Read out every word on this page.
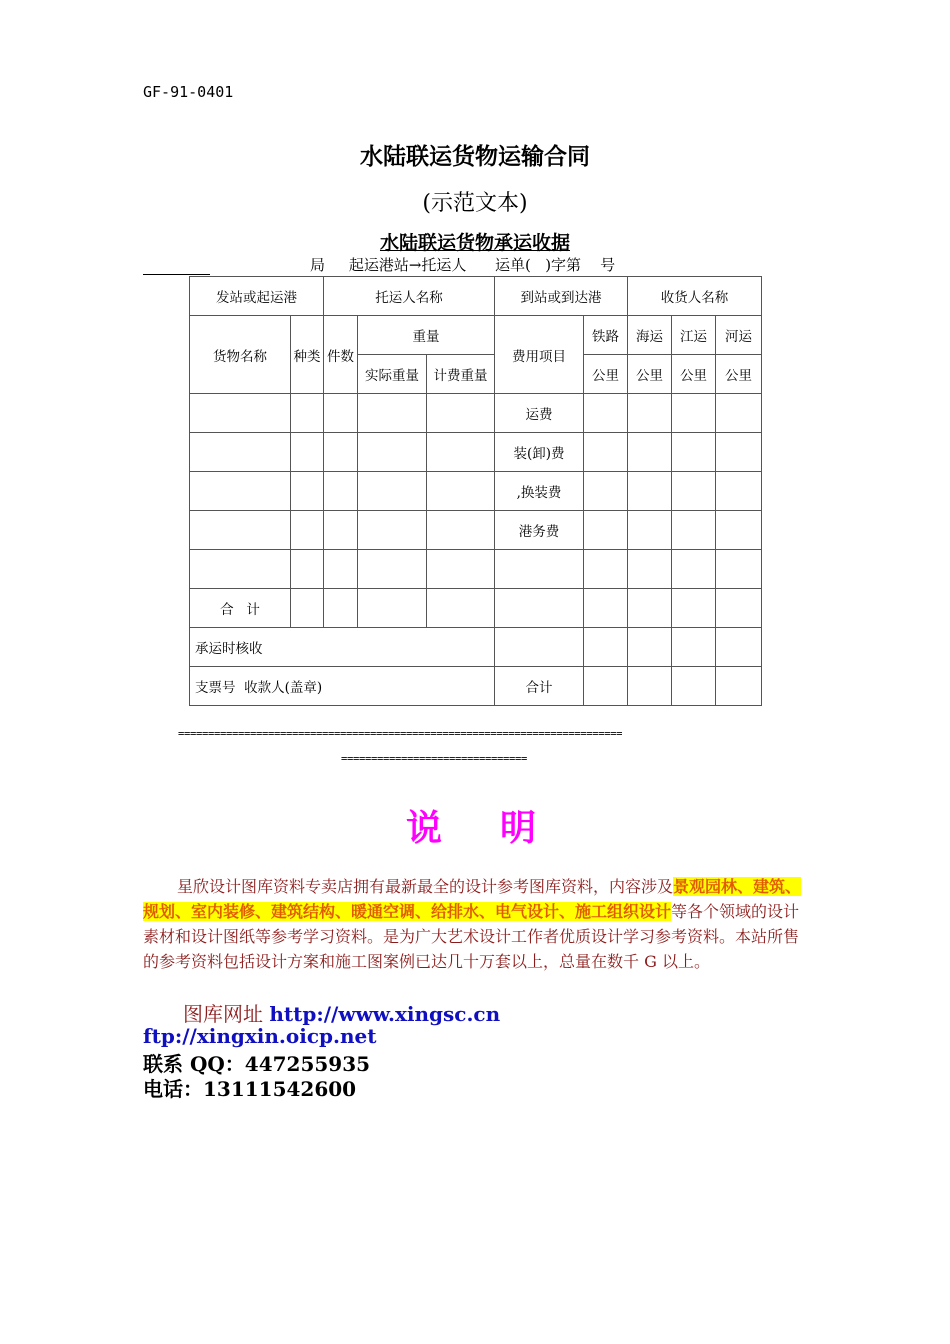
GF-91-0401
水陆联运货物运输合同
(示范文本)
水陆联运货物承运收据
局 起运港站→托运人 运单(   )字第    号
发站或起运港		托运人名称			到站或到达港		收货人名称		
货物名称	种类	件数	重量		费用项目	铁路	海运	江运	河运
			实际重量	计费重量		公里	公里	公里	公里
					运费				
					装(卸)费				
					,换装费				
					港务费				

合   计									
承运时核收									
支票号  收款人(盖章)					合计				
==========================================================================
===============================
说明
星欣设计图库资料专卖店拥有最新最全的设计参考图库资料，内容涉及景观园林、建筑、规划、室内装修、建筑结构、暖通空调、给排水、电气设计、施工组织设计等各个领域的设计素材和设计图纸等参考学习资料。是为广大艺术设计工作者优质设计学习参考资料。本站所售的参考资料包括设计方案和施工图案例已达几十万套以上，总量在数千 G 以上。
图库网址 http://www.xingsc.cn
ftp://xingxin.oicp.net
联系 QQ：447255935
电话：13111542600
